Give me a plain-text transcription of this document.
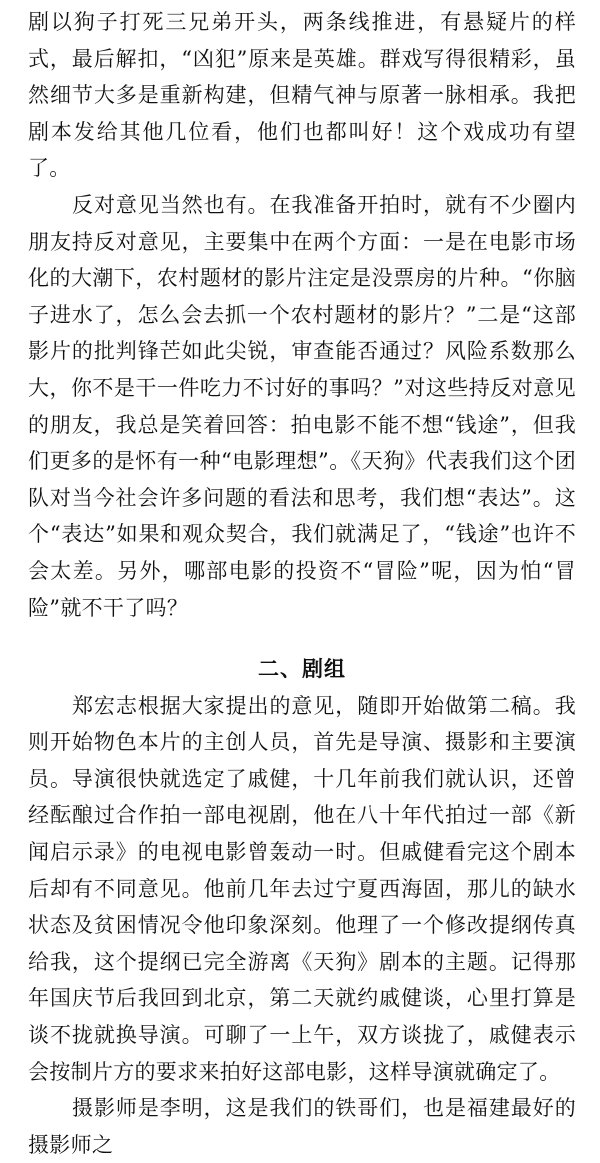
剧以狗子打死三兄弟开头，两条线推进，有悬疑片的样式，最后解扣，“凶犯”原来是英雄。群戏写得很精彩，虽然细节大多是重新构建，但精气神与原著一脉相承。我把剧本发给其他几位看，他们也都叫好！这个戏成功有望了。

反对意见当然也有。在我准备开拍时，就有不少圈内朋友持反对意见，主要集中在两个方面：一是在电影市场化的大潮下，农村题材的影片注定是没票房的片种。“你脑子进水了，怎么会去抓一个农村题材的影片？”二是“这部影片的批判锋芒如此尖锐，审查能否通过？风险系数那么大，你不是干一件吃力不讨好的事吗？”对这些持反对意见的朋友，我总是笑着回答：拍电影不能不想“钱途”，但我们更多的是怀有一种“电影理想”。《天狗》代表我们这个团队对当今社会许多问题的看法和思考，我们想“表达”。这个“表达”如果和观众契合，我们就满足了，“钱途”也许不会太差。另外，哪部电影的投资不“冒险”呢，因为怕“冒险”就不干了吗？

二、剧组

郑宏志根据大家提出的意见，随即开始做第二稿。我则开始物色本片的主创人员，首先是导演、摄影和主要演员。导演很快就选定了戚健，十几年前我们就认识，还曾经酝酿过合作拍一部电视剧，他在八十年代拍过一部《新闻启示录》的电视电影曾轰动一时。但戚健看完这个剧本后却有不同意见。他前几年去过宁夏西海固，那儿的缺水状态及贫困情况令他印象深刻。他理了一个修改提纲传真给我，这个提纲已完全游离《天狗》剧本的主题。记得那年国庆节后我回到北京，第二天就约戚健谈，心里打算是谈不拢就换导演。可聊了一上午，双方谈拢了，戚健表示会按制片方的要求来拍好这部电影，这样导演就确定了。

摄影师是李明，这是我们的铁哥们，也是福建最好的摄影师之
